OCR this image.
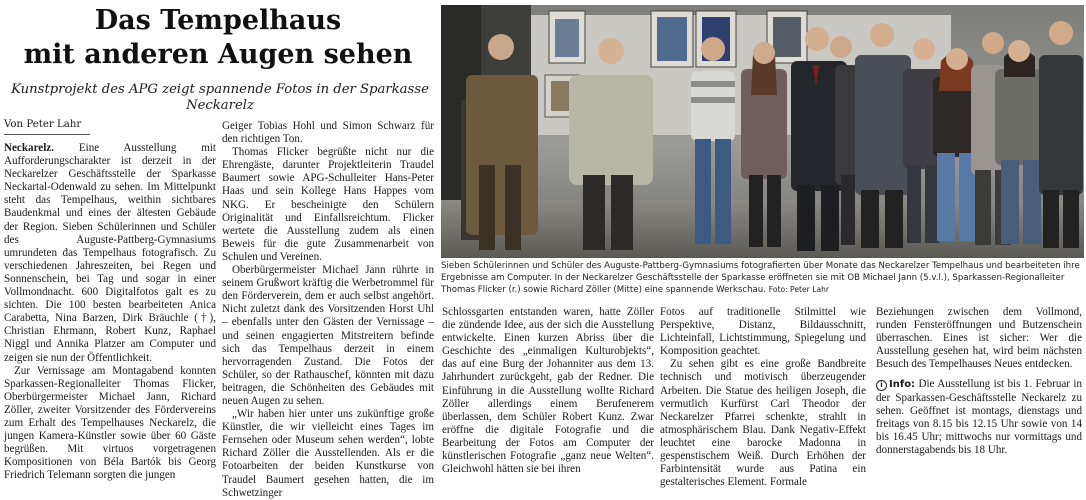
Das Tempelhaus
mit anderen Augen sehen
Kunstprojekt des APG zeigt spannende Fotos in der Sparkasse Neckarelz
Von Peter Lahr

Neckarelz. Eine Ausstellung mit Aufforderungscharakter ist derzeit in der Neckarelzer Geschäftsstelle der Sparkasse Neckartal-Odenwald zu sehen. Im Mittelpunkt steht das Tempelhaus, weithin sichtbares Baudenkmal und eines der ältesten Gebäude der Region. Sieben Schülerinnen und Schüler des Auguste-Pattberg-Gymnasiums umrundeten das Tempelhaus fotografisch. Zu verschiedenen Jahreszeiten, bei Regen und Sonnenschein, bei Tag und sogar in einer Vollmondnacht. 600 Digitalfotos galt es zu sichten. Die 100 besten bearbeiteten Anica Carabetta, Nina Barzen, Dirk Bräuchle (†), Christian Ehrmann, Robert Kunz, Raphael Niggl und Annika Platzer am Computer und zeigen sie nun der Öffentlichkeit.

Zur Vernissage am Montagabend konnten Sparkassen-Regionalleiter Thomas Flicker, Oberbürgermeister Michael Jann, Richard Zöller, zweiter Vorsitzender des Fördervereins zum Erhalt des Tempelhauses Neckarelz, die jungen Kamera-Künstler sowie über 60 Gäste begrüßen. Mit virtuos vorgetragenen Kompositionen von Béla Bartók bis Georg Friedrich Telemann sorgten die jungen

Geiger Tobias Hohl und Simon Schwarz für den richtigen Ton.

Thomas Flicker begrüßte nicht nur die Ehrengäste, darunter Projektleiterin Traudel Baumert sowie APG-Schulleiter Hans-Peter Haas und sein Kollege Hans Happes vom NKG. Er bescheinigte den Schülern Originalität und Einfallsreichtum. Flicker wertete die Ausstellung zudem als einen Beweis für die gute Zusammenarbeit von Schulen und Vereinen.

Oberbürgermeister Michael Jann rührte in seinem Grußwort kräftig die Werbetrommel für den Förderverein, dem er auch selbst angehört. Nicht zuletzt dank des Vorsitzenden Horst Uhl – ebenfalls unter den Gästen der Vernissage – und seinen engagierten Mitstreitern befinde sich das Tempelhaus derzeit in einem hervorragenden Zustand. Die Fotos der Schüler, so der Rathauschef, könnten mit dazu beitragen, die Schönheiten des Gebäudes mit neuen Augen zu sehen.

„Wir haben hier unter uns zukünftige große Künstler, die wir vielleicht eines Tages im Fernsehen oder Museum sehen werden“, lobte Richard Zöller die Ausstellenden. Als er die Fotoarbeiten der beiden Kunstkurse von Traudel Baumert gesehen hatten, die im Schwetzinger

Sieben Schülerinnen und Schüler des Auguste-Pattberg-Gymnasiums fotografierten über Monate das Neckarelzer Tempelhaus und bearbeiteten ihre Ergebnisse am Computer. In der Neckarelzer Geschäftsstelle der Sparkasse eröffneten sie mit OB Michael Jann (5.v.l.), Sparkassen-Regionalleiter Thomas Flicker (r.) sowie Richard Zöller (Mitte) eine spannende Werkschau. Foto: Peter Lahr

Schlossgarten entstanden waren, hatte Zöller die zündende Idee, aus der sich die Ausstellung entwickelte. Einen kurzen Abriss über die Geschichte des „einmaligen Kulturobjekts“, das auf eine Burg der Johanniter aus dem 13. Jahrhundert zurückgeht, gab der Redner. Die Einführung in die Ausstellung wollte Richard Zöller allerdings einem Berufenerem überlassen, dem Schüler Robert Kunz. Zwar eröffne die digitale Fotografie und die Bearbeitung der Fotos am Computer der künstlerischen Fotografie „ganz neue Welten“. Gleichwohl hätten sie bei ihren

Fotos auf traditionelle Stilmittel wie Perspektive, Distanz, Bildausschnitt, Lichteinfall, Lichtstimmung, Spiegelung und Komposition geachtet.

Zu sehen gibt es eine große Bandbreite technisch und motivisch überzeugender Arbeiten. Die Statue des heiligen Joseph, die vermutlich Kurfürst Carl Theodor der Neckarelzer Pfarrei schenkte, strahlt in atmosphärischem Blau. Dank Negativ-Effekt leuchtet eine barocke Madonna in gespenstischem Weiß. Durch Erhöhen der Farbintensität wurde aus Patina ein gestalterisches Element. Formale

Beziehungen zwischen dem Vollmond, runden Fensteröffnungen und Butzenschein überraschen. Eines ist sicher: Wer die Ausstellung gesehen hat, wird beim nächsten Besuch des Tempelhauses Neues entdecken.

i Info: Die Ausstellung ist bis 1. Februar in der Sparkassen-Geschäftsstelle Neckarelz zu sehen. Geöffnet ist montags, dienstags und freitags von 8.15 bis 12.15 Uhr sowie von 14 bis 16.45 Uhr; mittwochs nur vormittags und donnerstagabends bis 18 Uhr.
